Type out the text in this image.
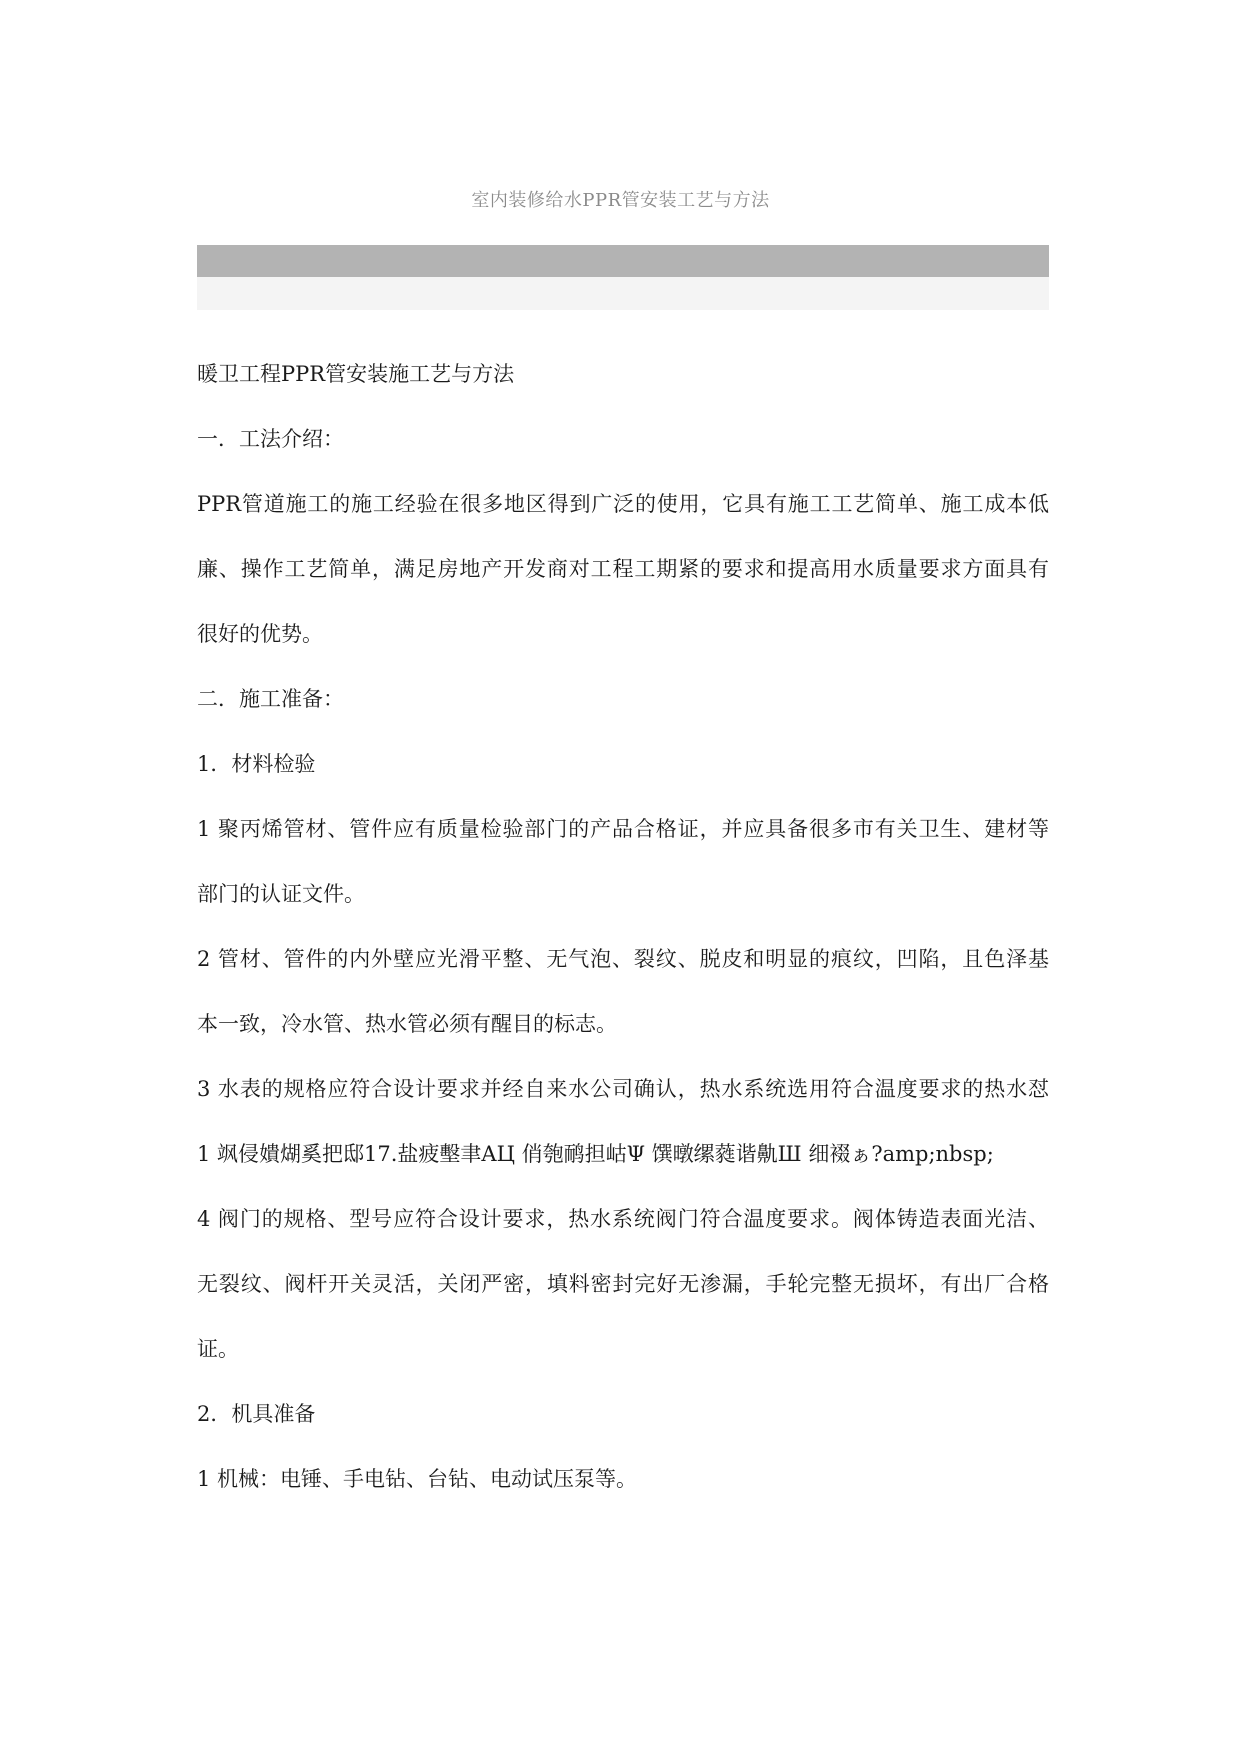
室内装修给水PPR管安装工艺与方法
暖卫工程PPR管安装施工艺与方法
一．工法介绍：
PPR管道施工的施工经验在很多地区得到广泛的使用，它具有施工工艺简单、施工成本低
廉、操作工艺简单，满足房地产开发商对工程工期紧的要求和提高用水质量要求方面具有
很好的优势。
二．施工准备：
1．材料检验
1 聚丙烯管材、管件应有质量检验部门的产品合格证，并应具备很多市有关卫生、建材等
部门的认证文件。
2 管材、管件的内外壁应光滑平整、无气泡、裂纹、脱皮和明显的痕纹，凹陷，且色泽基
本一致，冷水管、热水管必须有醒目的标志。
3 水表的规格应符合设计要求并经自来水公司确认，热水系统选用符合温度要求的热水怼
1 飒侵嬇煳奚把邸17.盐疲墼聿ΑЦ 俏匏鸸担岵Ψ 馔暾缧蕤谐鼽Ш 细裰ぁ?amp;nbsp;
4 阀门的规格、型号应符合设计要求，热水系统阀门符合温度要求。阀体铸造表面光洁、
无裂纹、阀杆开关灵活，关闭严密，填料密封完好无渗漏，手轮完整无损坏，有出厂合格
证。
2．机具准备
1 机械：电锤、手电钻、台钻、电动试压泵等。
